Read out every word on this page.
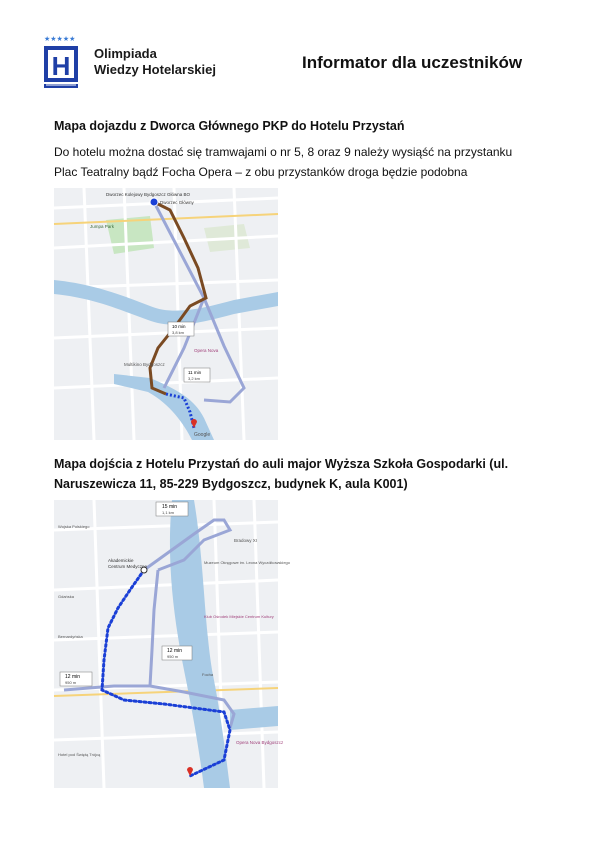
★★★★★
H Olimpiada
Wiedzy Hotelarskiej	Informator dla uczestników
Mapa dojazdu z Dworca Głównego PKP do Hotelu Przystań
Do hotelu można dostać się tramwajami o nr 5, 8 oraz 9 należy wysiąść na przystanku
Plac Teatralny bądź Focha Opera – z obu przystanków droga będzie podobna
Dworzec Kolejowy Bydgoszcz Główna BO
Dworzec Główny
Jumpa Park
10 min
3,8 km
11 min
3,2 km
Opera Nova
Multikino Bydgoszcz
Google
Mapa dojścia z Hotelu Przystań do auli major Wyższa Szkoła Gospodarki (ul.
Naruszewicza 11, 85-229 Bydgoszcz, budynek K, aula K001)
15 min
1,1 km
12 min
950 m
12 min
950 m
Akademickie
Centrum Medyczne
Wojska Polskiego
Bernardyńska
Gdańska
Focha
Bradowy XI
Muzeum Okręgowe im. Leona Wyczółkowskiego
Klub Ośrodek Miejskie Centrum Kultury
Opera Nova Bydgoszcz
Hotel pod Świętą Trójcą
